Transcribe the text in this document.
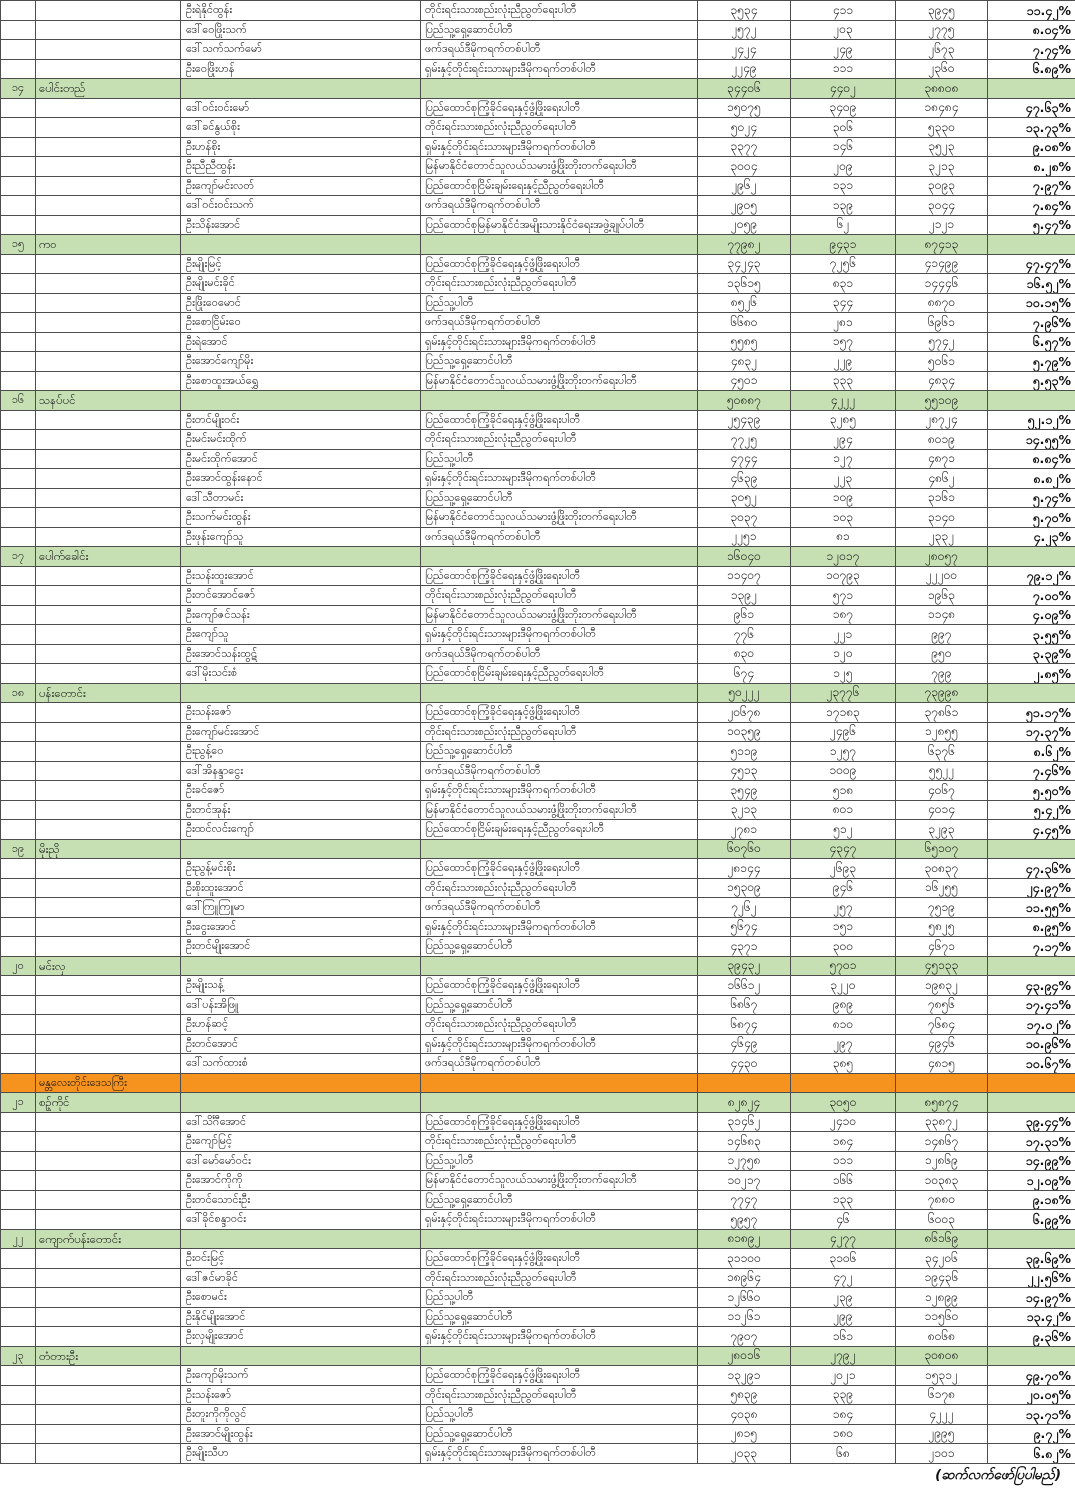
		ဦးရဲနိုင်ထွန်း	တိုင်းရင်းသားစည်းလုံးညီညွတ်ရေးပါတီ	၃၅၃၄	၄၁၁	၃၉၄၅	၁၁.၄၂%
		ဒေါ်ဝေဖြိုးသက်	ပြည်သူ့ရှေ့ဆောင်ပါတီ	၂၅၇၂	၂၀၃	၂၇၇၅	၈.၀၄%
		ဒေါ်သက်သက်မော်	ဖက်ဒရယ်ဒီမိုကရက်တစ်ပါတီ	၂၄၂၄	၂၄၉	၂၆၇၃	၇.၇၄%
		ဦးဝေဖြိုးဟန်	ရှမ်းနှင့်တိုင်းရင်းသားများဒီမိုကရက်တစ်ပါတီ	၂၂၄၉	၁၁၁	၂၃၆၀	၆.၈၉%
၁၄	ပေါင်းတည်			၃၄၄၀၆	၄၄၀၂	၃၈၈၀၈	
		ဒေါ်ဝင်းဝင်းမော်	ပြည်ထောင်စုကြံ့ခိုင်ရေးနှင့်ဖွံ့ဖြိုးရေးပါတီ	၁၅၀၇၅	၃၄၀၉	၁၈၄၈၄	၄၇.၆၃%
		ဒေါ်ခင်နွယ်စိုး	တိုင်းရင်းသားစည်းလုံးညီညွတ်ရေးပါတီ	၅၀၂၄	၃၀၆	၅၃၃၀	၁၃.၇၃%
		ဦးဟန်စိုး	ရှမ်းနှင့်တိုင်းရင်းသားများဒီမိုကရက်တစ်ပါတီ	၃၃၇၇	၁၄၆	၃၅၂၃	၉.၀၈%
		ဦးညီညီထွန်း	မြန်မာနိုင်ငံတောင်သူလယ်သမားဖွံ့ဖြိုးတိုးတက်ရေးပါတီ	၃၀၀၄	၂၀၉	၃၂၁၃	၈.၂၈%
		ဦးကျော်မင်းလတ်	ပြည်ထောင်စုငြိမ်းချမ်းရေးနှင့်ညီညွတ်ရေးပါတီ	၂၉၆၂	၁၃၁	၃၀၉၃	၇.၉၇%
		ဒေါ်ဝင်းဝင်းသက်	ဖက်ဒရယ်ဒီမိုကရက်တစ်ပါတီ	၂၉၀၅	၁၃၉	၃၀၄၄	၇.၈၄%
		ဦးသိန်းအောင်	ပြည်ထောင်စုမြန်မာနိုင်ငံအမျိုးသားနိုင်ငံရေးအဖွဲ့ချုပ်ပါတီ	၂၀၅၉	၆၂	၂၁၂၁	၅.၄၇%
၁၅	ကဝ			၇၇၉၈၂	၉၄၃၁	၈၇၄၁၃	
		ဦးမျိုးမြင့်	ပြည်ထောင်စုကြံ့ခိုင်ရေးနှင့်ဖွံ့ဖြိုးရေးပါတီ	၃၄၂၄၃	၇၂၅၆	၄၁၄၉၉	၄၇.၄၇%
		ဦးမျိုးမင်းခိုင်	တိုင်းရင်းသားစည်းလုံးညီညွတ်ရေးပါတီ	၁၃၆၁၅	၈၃၁	၁၄၄၄၆	၁၆.၅၂%
		ဦးဖြိုးဝေမောင်	ပြည်သူ့ပါတီ	၈၅၂၆	၃၄၄	၈၈၇၀	၁၀.၁၅%
		ဦးစောငြိမ်းဝေ	ဖက်ဒရယ်ဒီမိုကရက်တစ်ပါတီ	၆၆၈၀	၂၈၁	၆၉၆၁	၇.၉၆%
		ဦးရဲအောင်	ရှမ်းနှင့်တိုင်းရင်းသားများဒီမိုကရက်တစ်ပါတီ	၅၅၈၅	၁၅၇	၅၇၄၂	၆.၅၇%
		ဦးအောင်ကျော်မိုး	ပြည်သူ့ရှေ့ဆောင်ပါတီ	၄၈၃၂	၂၂၉	၅၀၆၁	၅.၇၉%
		ဦးစောထူးအယ်ရွှေ	မြန်မာနိုင်ငံတောင်သူလယ်သမားဖွံ့ဖြိုးတိုးတက်ရေးပါတီ	၄၅၀၁	၃၃၃	၄၈၃၄	၅.၅၃%
၁၆	သနပ်ပင်			၅၀၈၈၇	၄၂၂၂	၅၅၁၀၉	
		ဦးတင်မျိုးဝင်း	ပြည်ထောင်စုကြံ့ခိုင်ရေးနှင့်ဖွံ့ဖြိုးရေးပါတီ	၂၅၄၃၉	၃၂၈၅	၂၈၇၂၄	၅၂.၁၂%
		ဦးမင်းမင်းထိုက်	တိုင်းရင်းသားစည်းလုံးညီညွတ်ရေးပါတီ	၇၇၂၅	၂၉၄	၈၀၁၉	၁၄.၅၅%
		ဦးမင်းထိုက်အောင်	ပြည်သူ့ပါတီ	၄၇၄၄	၁၂၇	၄၈၇၁	၈.၈၄%
		ဦးအောင်ထွန်းနောင်	ရှမ်းနှင့်တိုင်းရင်းသားများဒီမိုကရက်တစ်ပါတီ	၄၆၃၉	၂၂၃	၄၈၆၂	၈.၈၂%
		ဒေါ်သီတာမင်း	ပြည်သူ့ရှေ့ဆောင်ပါတီ	၃၀၅၂	၁၀၉	၃၁၆၁	၅.၇၄%
		ဦးသက်မင်းထွန်း	မြန်မာနိုင်ငံတောင်သူလယ်သမားဖွံ့ဖြိုးတိုးတက်ရေးပါတီ	၃၀၃၇	၁၀၃	၃၁၄၀	၅.၇၀%
		ဦးဖုန်းကျော်သူ	ဖက်ဒရယ်ဒီမိုကရက်တစ်ပါတီ	၂၂၅၁	၈၁	၂၃၃၂	၄.၂၃%
၁၇	ပေါက်ခေါင်း			၁၆၀၄၀	၁၂၀၁၇	၂၈၀၅၇	
		ဦးသန်းထူးအောင်	ပြည်ထောင်စုကြံ့ခိုင်ရေးနှင့်ဖွံ့ဖြိုးရေးပါတီ	၁၁၄၀၇	၁၀၇၉၃	၂၂၂၀၀	၇၉.၁၂%
		ဦးတင်အောင်ဇော်	တိုင်းရင်းသားစည်းလုံးညီညွတ်ရေးပါတီ	၁၃၉၂	၅၇၁	၁၉၆၃	၇.၀၀%
		ဦးကျော်ဇင်သန်း	မြန်မာနိုင်ငံတောင်သူလယ်သမားဖွံ့ဖြိုးတိုးတက်ရေးပါတီ	၉၆၁	၁၈၇	၁၁၄၈	၄.၀၉%
		ဦးကျော်သူ	ရှမ်းနှင့်တိုင်းရင်းသားများဒီမိုကရက်တစ်ပါတီ	၇၇၆	၂၂၁	၉၉၇	၃.၅၅%
		ဦးအောင်သန်းထွဋ်	ဖက်ဒရယ်ဒီမိုကရက်တစ်ပါတီ	၈၃၀	၁၂၀	၉၅၀	၃.၃၉%
		ဒေါ်မိုးသင်းစံ	ပြည်ထောင်စုငြိမ်းချမ်းရေးနှင့်ညီညွတ်ရေးပါတီ	၆၇၄	၁၂၅	၇၉၉	၂.၈၅%
၁၈	ပန်းတောင်း			၅၀၂၂၂	၂၃၇၇၆	၇၃၉၉၈	
		ဦးသန်းဇော်	ပြည်ထောင်စုကြံ့ခိုင်ရေးနှင့်ဖွံ့ဖြိုးရေးပါတီ	၂၀၆၇၈	၁၇၁၈၃	၃၇၈၆၁	၅၁.၁၇%
		ဦးကျော်မင်းအောင်	တိုင်းရင်းသားစည်းလုံးညီညွတ်ရေးပါတီ	၁၀၃၅၉	၂၄၉၆	၁၂၈၅၅	၁၇.၃၇%
		ဦးညွန့်ဝေ	ပြည်သူ့ရှေ့ဆောင်ပါတီ	၅၁၁၉	၁၂၅၇	၆၃၇၆	၈.၆၂%
		ဒေါ်အိနန္ဒာငွေး	ဖက်ဒရယ်ဒီမိုကရက်တစ်ပါတီ	၄၅၁၃	၁၀၀၉	၅၅၂၂	၇.၄၆%
		ဦးခင်ဇော်	ရှမ်းနှင့်တိုင်းရင်းသားများဒီမိုကရက်တစ်ပါတီ	၃၅၄၉	၅၁၈	၄၀၆၇	၅.၅၀%
		ဦးတင်အုန်း	မြန်မာနိုင်ငံတောင်သူလယ်သမားဖွံ့ဖြိုးတိုးတက်ရေးပါတီ	၃၂၁၃	၈၀၁	၄၀၁၄	၅.၄၂%
		ဦးထင်လင်းကျော်	ပြည်ထောင်စုငြိမ်းချမ်းရေးနှင့်ညီညွတ်ရေးပါတီ	၂၇၈၁	၅၁၂	၃၂၉၃	၄.၄၅%
၁၉	မိုးညို			၆၀၇၆၀	၄၃၄၇	၆၅၁၀၇	
		ဦးညွန့်မင်းစိုး	ပြည်ထောင်စုကြံ့ခိုင်ရေးနှင့်ဖွံ့ဖြိုးရေးပါတီ	၂၈၁၄၄	၂၆၉၃	၃၀၈၃၇	၄၇.၃၆%
		ဦးစိုးထူးအောင်	တိုင်းရင်းသားစည်းလုံးညီညွတ်ရေးပါတီ	၁၅၃၀၉	၉၄၆	၁၆၂၅၅	၂၄.၉၇%
		ဒေါ်ကြူကြူမာ	ဖက်ဒရယ်ဒီမိုကရက်တစ်ပါတီ	၇၂၆၂	၂၅၇	၇၅၁၉	၁၁.၅၅%
		ဦးငွေးအောင်	ရှမ်းနှင့်တိုင်းရင်းသားများဒီမိုကရက်တစ်ပါတီ	၅၆၇၄	၁၅၁	၅၈၂၅	၈.၉၅%
		ဦးတင်မျိုးအောင်	ပြည်သူ့ရှေ့ဆောင်ပါတီ	၄၃၇၁	၃၀၀	၄၆၇၁	၇.၁၇%
၂၀	မင်းလှ			၃၉၄၃၂	၅၇၀၁	၄၅၁၃၃	
		ဦးမျိုးသန့်	ပြည်ထောင်စုကြံ့ခိုင်ရေးနှင့်ဖွံ့ဖြိုးရေးပါတီ	၁၆၆၁၂	၃၂၂၀	၁၉၈၃၂	၄၃.၉၄%
		ဒေါ်ပန်းအိဖြူ	ပြည်သူ့ရှေ့ဆောင်ပါတီ	၆၈၆၇	၉၈၉	၇၈၅၆	၁၇.၄၁%
		ဦးဟန်ဆင့်	တိုင်းရင်းသားစည်းလုံးညီညွတ်ရေးပါတီ	၆၈၇၄	၈၁၀	၇၆၈၄	၁၇.၀၂%
		ဦးတင်အောင်	ရှမ်းနှင့်တိုင်းရင်းသားများဒီမိုကရက်တစ်ပါတီ	၄၆၄၉	၂၉၇	၄၉၄၆	၁၀.၉၆%
		ဒေါ်သက်ထားစံ	ဖက်ဒရယ်ဒီမိုကရက်တစ်ပါတီ	၄၄၃၀	၃၈၅	၄၈၁၅	၁၀.၆၇%
	မန္တလေးတိုင်းဒေသကြီး						
၂၁	စဉ့်ကိုင်			၈၂၈၂၄	၃၀၅၀	၈၅၈၇၄	
		ဒေါ်သိင်္ဂီအောင်	ပြည်ထောင်စုကြံ့ခိုင်ရေးနှင့်ဖွံ့ဖြိုးရေးပါတီ	၃၁၄၆၂	၂၄၁၀	၃၃၈၇၂	၃၉.၄၄%
		ဦးကျော်မြင့်	တိုင်းရင်းသားစည်းလုံးညီညွတ်ရေးပါတီ	၁၄၆၈၃	၁၈၄	၁၄၈၆၇	၁၇.၃၁%
		ဒေါ်မော်မော်ဝင်း	ပြည်သူ့ပါတီ	၁၂၇၅၈	၁၁၁	၁၂၈၆၉	၁၄.၉၉%
		ဦးအောင်ကိုကို	မြန်မာနိုင်ငံတောင်သူလယ်သမားဖွံ့ဖြိုးတိုးတက်ရေးပါတီ	၁၀၂၁၇	၁၆၆	၁၀၃၈၃	၁၂.၀၉%
		ဦးတင်သောင်းဦး	ပြည်သူ့ရှေ့ဆောင်ပါတီ	၇၇၄၇	၁၃၃	၇၈၈၀	၉.၁၈%
		ဒေါ်ခိုင်စန္ဒာဝင်း	ရှမ်းနှင့်တိုင်းရင်းသားများဒီမိုကရက်တစ်ပါတီ	၅၉၅၇	၄၆	၆၀၀၃	၆.၉၉%
၂၂	ကျောက်ပန်းတောင်း			၈၁၈၉၂	၄၂၇၇	၈၆၁၆၉	
		ဦးဝင်းမြင့်	ပြည်ထောင်စုကြံ့ခိုင်ရေးနှင့်ဖွံ့ဖြိုးရေးပါတီ	၃၁၁၀၀	၃၁၀၆	၃၄၂၀၆	၃၉.၆၉%
		ဒေါ်ဇင်မာခိုင်	တိုင်းရင်းသားစည်းလုံးညီညွတ်ရေးပါတီ	၁၈၉၆၄	၄၇၂	၁၉၄၃၆	၂၂.၅၆%
		ဦးစောမင်း	ပြည်သူ့ပါတီ	၁၂၆၆၀	၂၃၉	၁၂၈၉၉	၁၄.၉၇%
		ဦးနိုင်မျိုးအောင်	ပြည်သူ့ရှေ့ဆောင်ပါတီ	၁၁၂၆၁	၂၉၉	၁၁၅၆၀	၁၃.၄၂%
		ဦးလှမျိုးအောင်	ရှမ်းနှင့်တိုင်းရင်းသားများဒီမိုကရက်တစ်ပါတီ	၇၉၀၇	၁၆၁	၈၀၆၈	၉.၃၆%
၂၃	တံတားဦး			၂၈၀၁၆	၂၇၉၂	၃၀၈၀၈	
		ဦးကျော်မိုးသက်	ပြည်ထောင်စုကြံ့ခိုင်ရေးနှင့်ဖွံ့ဖြိုးရေးပါတီ	၁၃၂၉၁	၂၀၂၁	၁၅၃၁၂	၄၉.၇၀%
		ဦးသန်းဇော်	တိုင်းရင်းသားစည်းလုံးညီညွတ်ရေးပါတီ	၅၈၃၉	၃၃၉	၆၁၇၈	၂၀.၀၅%
		ဦးတူးကိုကိုလွင်	ပြည်သူ့ပါတီ	၄၀၃၈	၁၈၄	၄၂၂၂	၁၃.၇၁%
		ဦးအောင်မျိုးထွန်း	ပြည်သူ့ရှေ့ဆောင်ပါတီ	၂၈၁၅	၁၈၀	၂၉၉၅	၉.၇၂%
		ဦးမျိုးသီဟ	ရှမ်းနှင့်တိုင်းရင်းသားများဒီမိုကရက်တစ်ပါတီ	၂၀၃၃	၆၈	၂၁၀၁	၆.၈၂%
(ဆက်လက်ဖော်ပြပါမည်)
